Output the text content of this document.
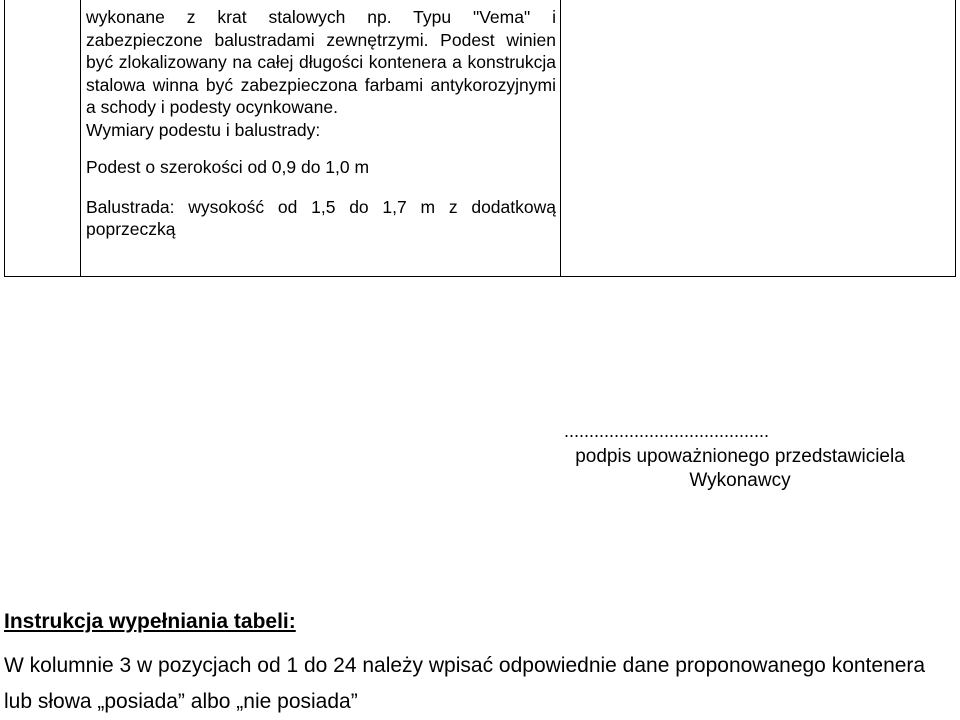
wykonane z krat stalowych np. Typu "Vema" i zabezpieczone balustradami zewnętrzymi. Podest winien być zlokalizowany na całej długości kontenera a konstrukcja stalowa winna być zabezpieczona farbami antykorozyjnymi a schody i podesty ocynkowane.
Wymiary podestu i balustrady:

Podest o szerokości od 0,9 do 1,0 m

Balustrada: wysokość od 1,5 do 1,7 m z dodatkową poprzeczką

.........................................
podpis upoważnionego przedstawiciela
Wykonawcy
Instrukcja wypełniania tabeli:
W kolumnie 3 w pozycjach od 1 do 24 należy wpisać odpowiednie dane proponowanego kontenera lub słowa „posiada” albo „nie posiada”
